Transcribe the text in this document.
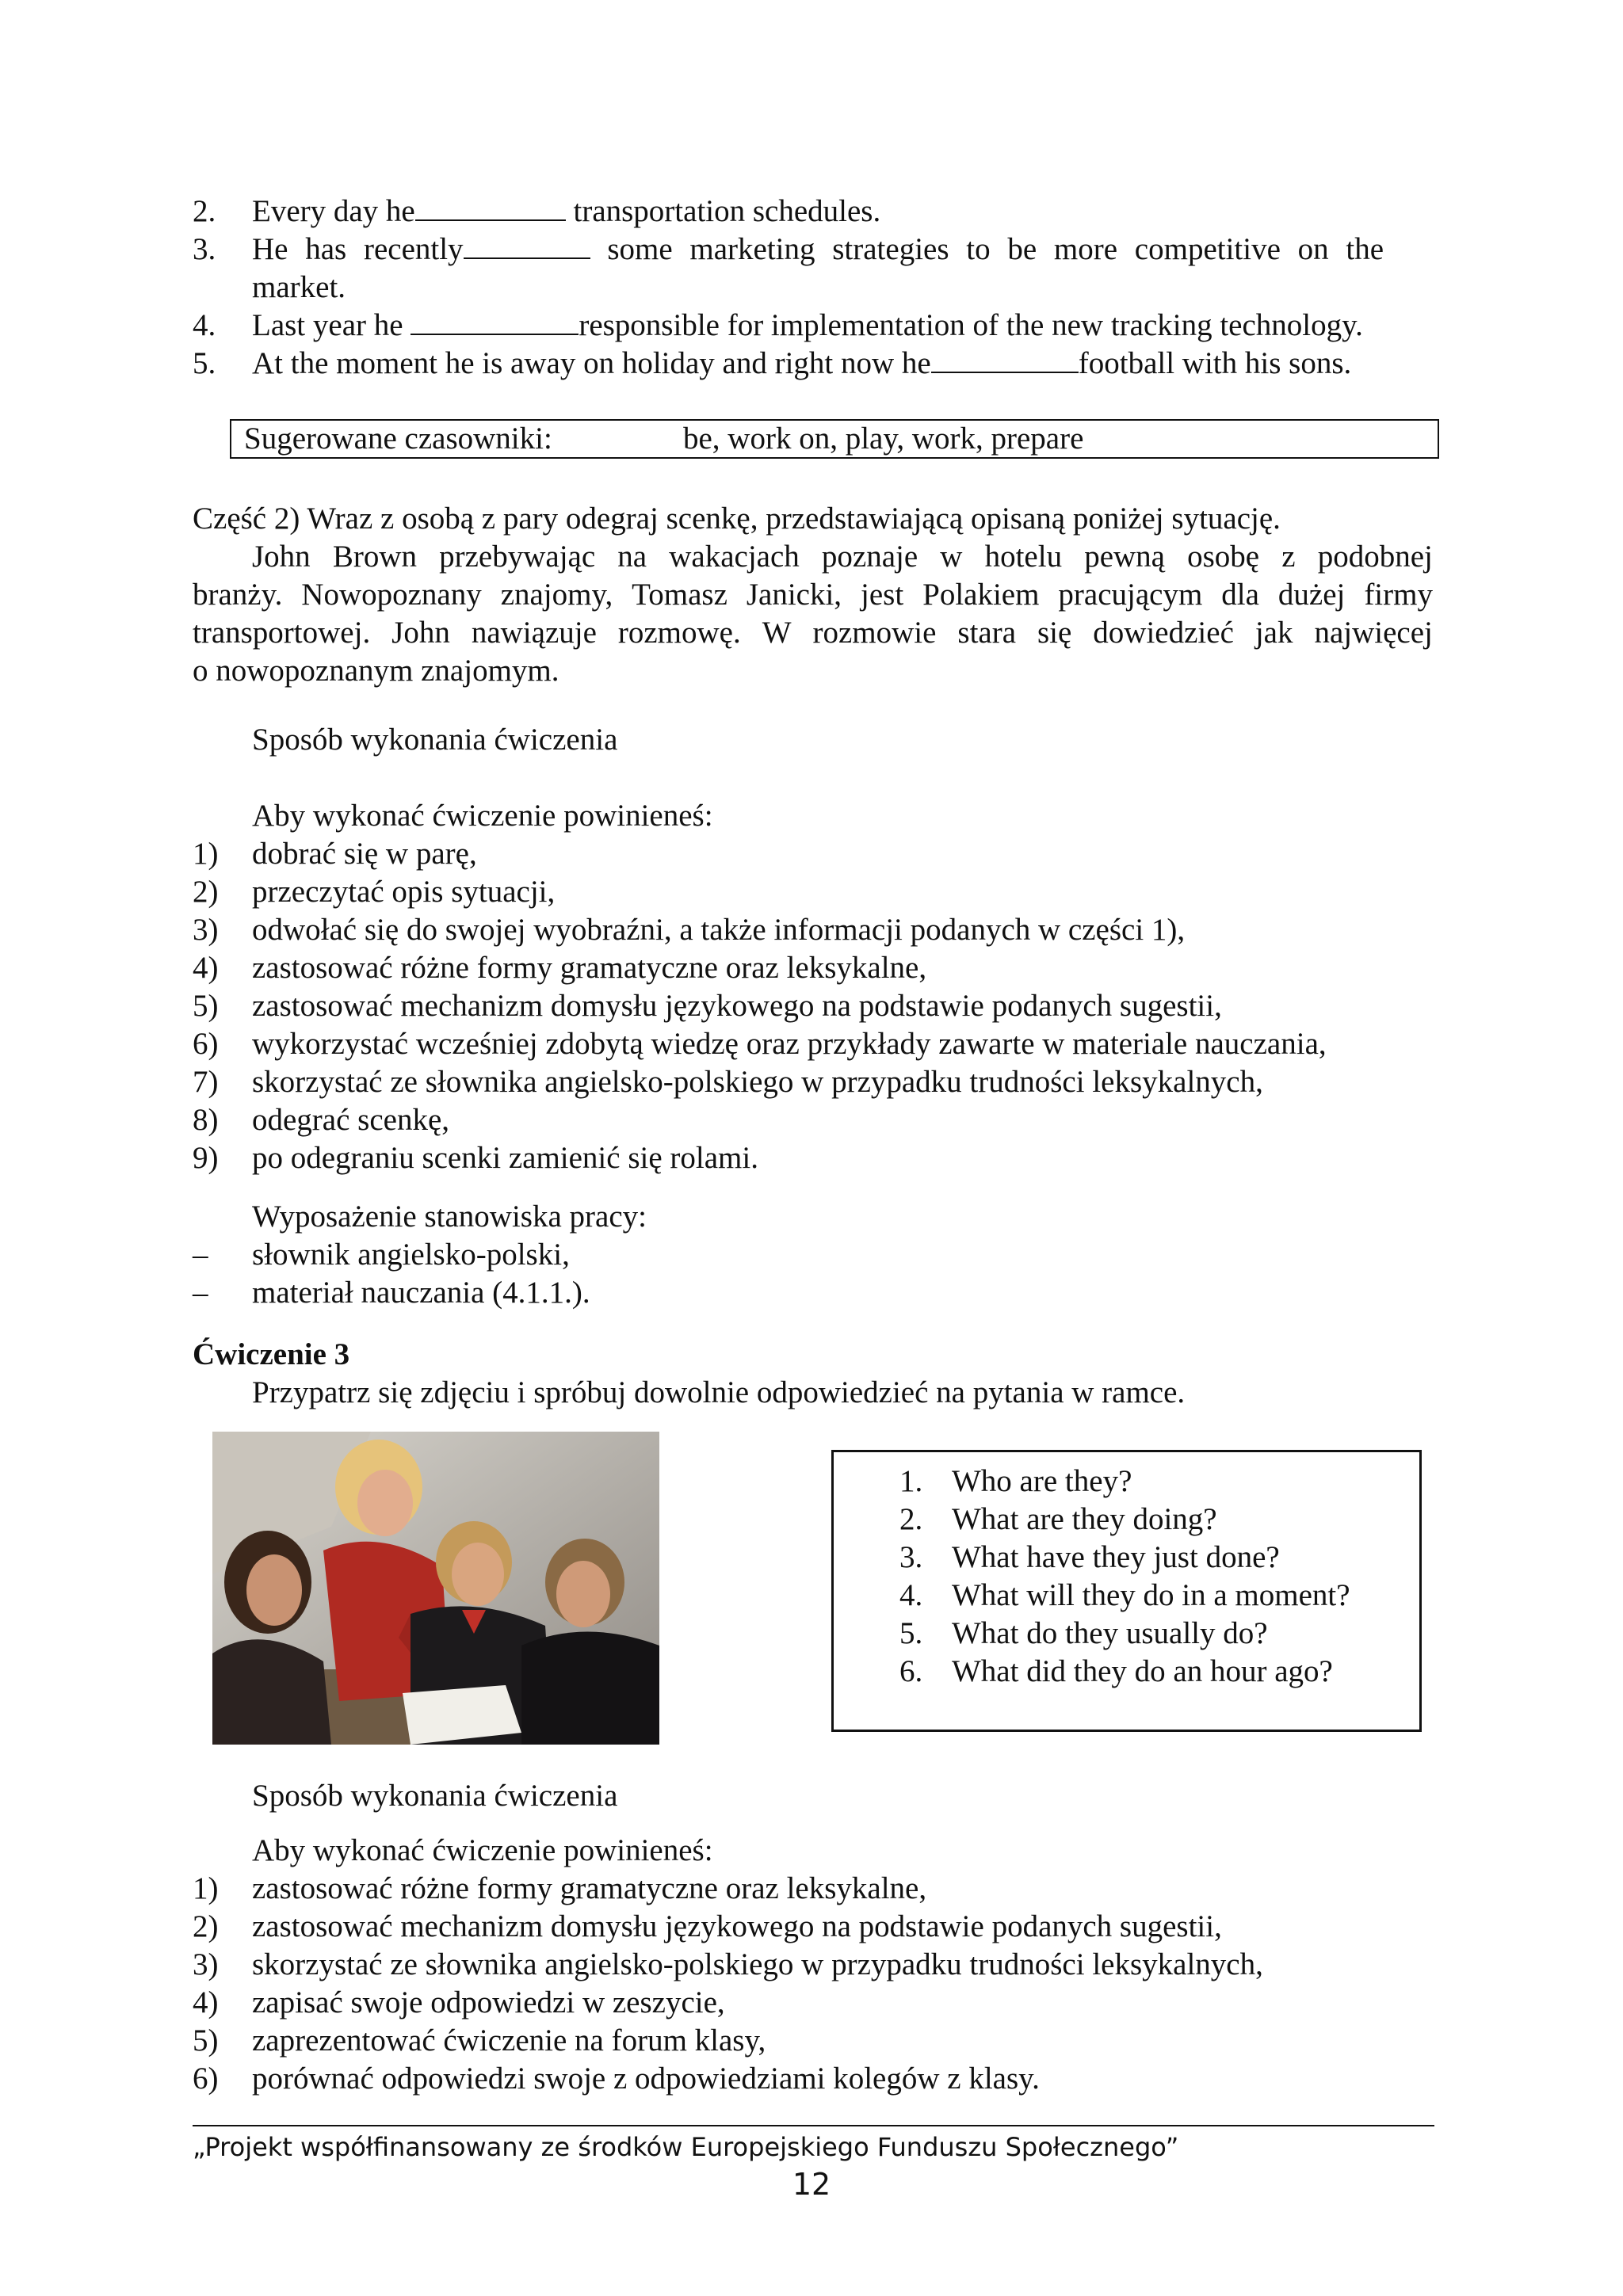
2. Every day he	transportation schedules.
3. He has recently	some marketing strategies to be more competitive on the
market.
4. Last year he	responsible for implementation of the new tracking technology.
5. At the moment he is away on holiday and right now he	football with his sons.
Sugerowane czasowniki:	be, work on, play, work, prepare
Część 2) Wraz z osobą z pary odegraj scenkę, przedstawiającą opisaną poniżej sytuację.
John Brown przebywając na wakacjach poznaje w hotelu pewną osobę z podobnej
branży. Nowopoznany znajomy, Tomasz Janicki, jest Polakiem pracującym dla dużej firmy
transportowej. John nawiązuje rozmowę. W rozmowie stara się dowiedzieć jak najwięcej
o nowopoznanym znajomym.
Sposób wykonania ćwiczenia
Aby wykonać ćwiczenie powinieneś:
1) dobrać się w parę,
2) przeczytać opis sytuacji,
3) odwołać się do swojej wyobraźni, a także informacji podanych w części 1),
4) zastosować różne formy gramatyczne oraz leksykalne,
5) zastosować mechanizm domysłu językowego na podstawie podanych sugestii,
6) wykorzystać wcześniej zdobytą wiedzę oraz przykłady zawarte w materiale nauczania,
7) skorzystać ze słownika angielsko-polskiego w przypadku trudności leksykalnych,
8) odegrać scenkę,
9) po odegraniu scenki zamienić się rolami.
Wyposażenie stanowiska pracy:
– słownik angielsko-polski,
– materiał nauczania (4.1.1.).
Ćwiczenie 3
Przypatrz się zdjęciu i spróbuj dowolnie odpowiedzieć na pytania w ramce.
1. Who are they?
2. What are they doing?
3. What have they just done?
4. What will they do in a moment?
5. What do they usually do?
6. What did they do an hour ago?
Sposób wykonania ćwiczenia
Aby wykonać ćwiczenie powinieneś:
1) zastosować różne formy gramatyczne oraz leksykalne,
2) zastosować mechanizm domysłu językowego na podstawie podanych sugestii,
3) skorzystać ze słownika angielsko-polskiego w przypadku trudności leksykalnych,
4) zapisać swoje odpowiedzi w zeszycie,
5) zaprezentować ćwiczenie na forum klasy,
6) porównać odpowiedzi swoje z odpowiedziami kolegów z klasy.
„Projekt współfinansowany ze środków Europejskiego Funduszu Społecznego”
12
